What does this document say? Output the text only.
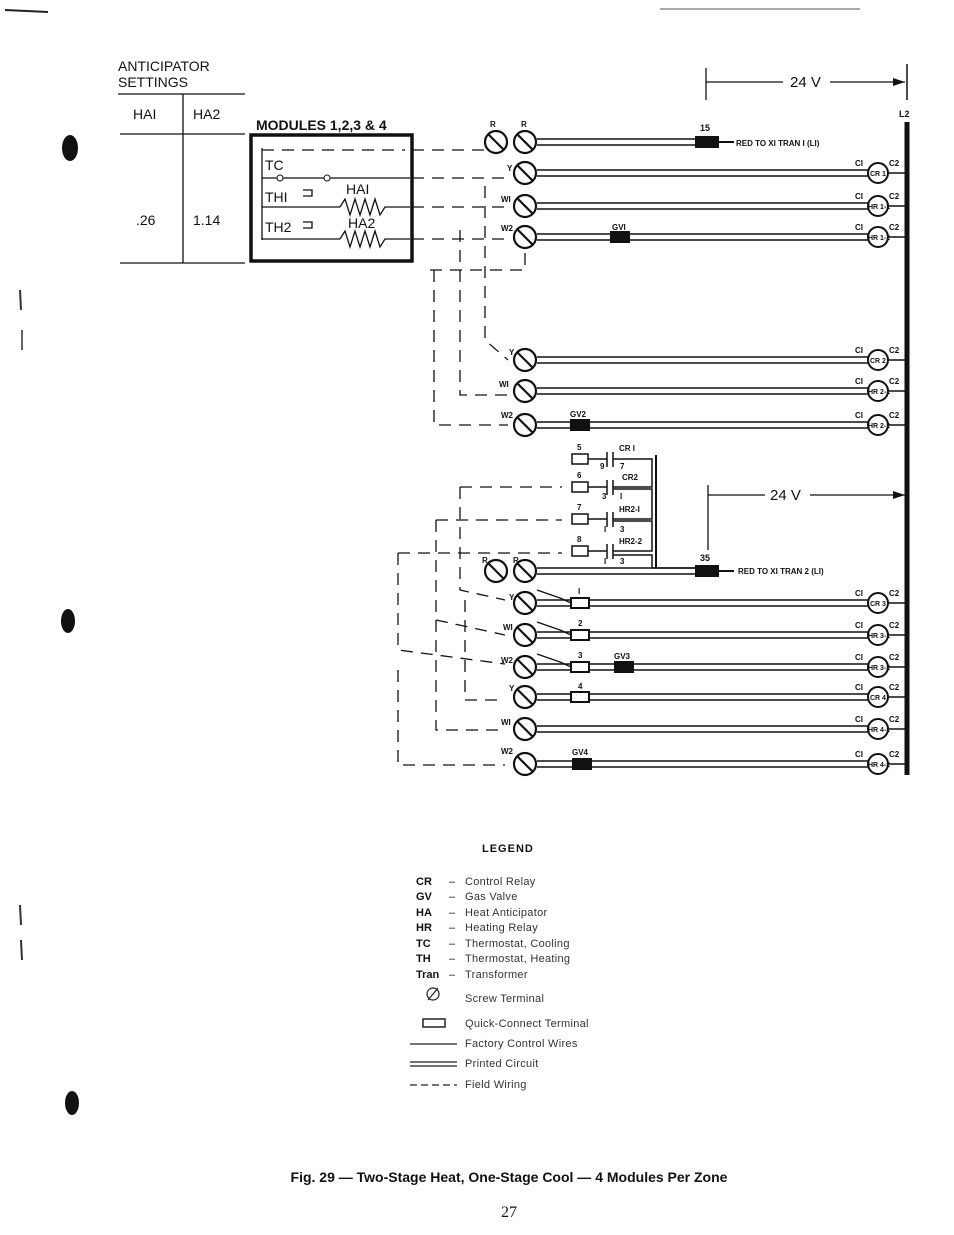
ANTICIPATOR
SETTINGS
HAI	HA2
.26	1.14
MODULES 1,2,3 & 4
TC
THI	HAI
TH2	HA2
24 V
L2
24 V
15
RED TO XI TRAN I (LI)
35
RED TO XI TRAN 2 (LI)
R	R
Y
WI
W2
Y
WI
W2
R	R
Y
WI
W2
Y
WI
W2
GVI
GV2
GV3
GV4
I
2
3
4
5
6
7
8
CR I
CR2
HR2-I
HR2-2
9 7
3 I
I 3
I 3
CI	C2
CR 1
CI	C2
HR 1-1
CI	C2
HR 1-2
CI	C2
CR 2
CI	C2
HR 2-1
CI	C2
HR 2-2
CI	C2
CR 3
CI	C2
HR 3-1
CI	C2
HR 3-2
CI	C2
CR 4
CI	C2
HR 4-1
CI	C2
HR 4-2
LEGEND
CR	– Control Relay
GV	– Gas Valve
HA	– Heat Anticipator
HR	– Heating Relay
TC	– Thermostat, Cooling
TH	– Thermostat, Heating
Tran – Transformer
Screw Terminal
Quick-Connect Terminal
Factory Control Wires
Printed Circuit
Field Wiring
Fig. 29 — Two-Stage Heat, One-Stage Cool — 4 Modules Per Zone
27
